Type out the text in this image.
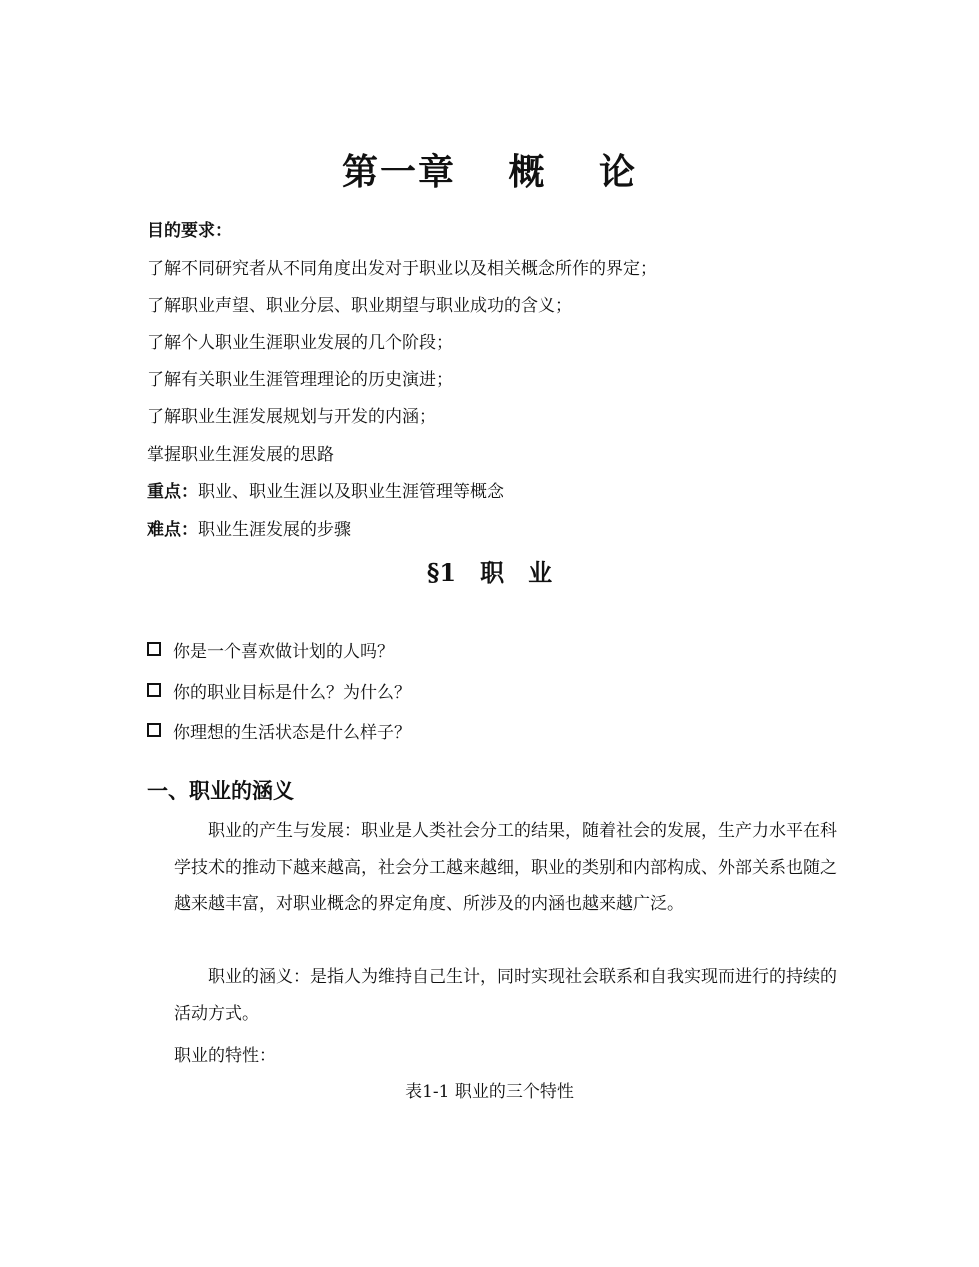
第一章　 概　 论
目的要求：
了解不同研究者从不同角度出发对于职业以及相关概念所作的界定；
了解职业声望、职业分层、职业期望与职业成功的含义；
了解个人职业生涯职业发展的几个阶段；
了解有关职业生涯管理理论的历史演进；
了解职业生涯发展规划与开发的内涵；
掌握职业生涯发展的思路
重点：职业、职业生涯以及职业生涯管理等概念
难点：职业生涯发展的步骤
§1　职　业
你是一个喜欢做计划的人吗？
你的职业目标是什么？为什么？
你理想的生活状态是什么样子？
一、职业的涵义
职业的产生与发展：职业是人类社会分工的结果，随着社会的发展，生产力水平在科学技术的推动下越来越高，社会分工越来越细，职业的类别和内部构成、外部关系也随之越来越丰富，对职业概念的界定角度、所涉及的内涵也越来越广泛。
职业的涵义：是指人为维持自己生计，同时实现社会联系和自我实现而进行的持续的活动方式。
职业的特性：
表1-1 职业的三个特性
